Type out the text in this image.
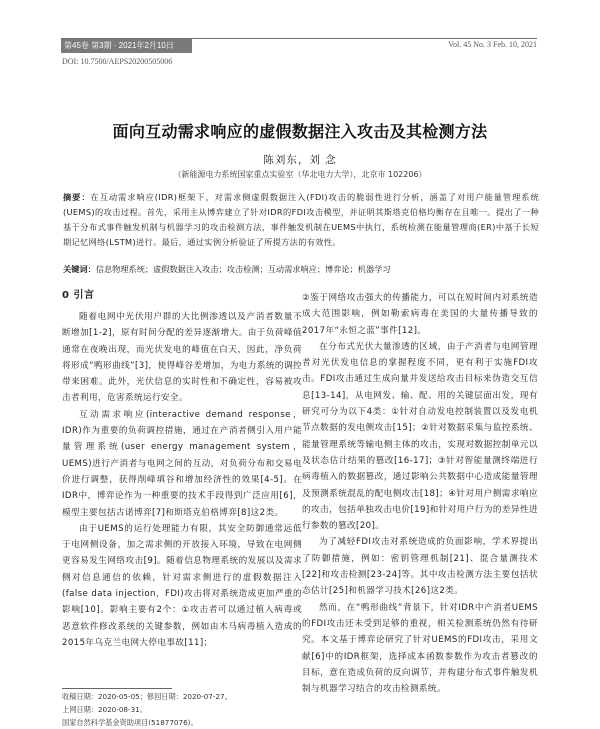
第45卷 第3期 · 2021年2月10日	Vol. 45 No. 3 Feb. 10, 2021
DOI: 10.7500/AEPS20200505006
面向互动需求响应的虚假数据注入攻击及其检测方法
陈刘东，刘 念
（新能源电力系统国家重点实验室（华北电力大学），北京市 102206）
摘要：在互动需求响应(IDR)框架下，对需求侧虚假数据注入(FDI)攻击的脆弱性进行分析，涵盖了对用户能量管理系统(UEMS)的攻击过程。首先，采用主从博弈建立了针对IDR的FDI攻击模型，并证明其斯塔克伯格均衡存在且唯一。提出了一种基于分布式事件触发机制与机器学习的攻击检测方法，事件触发机制在UEMS中执行，系统检测在能量管理商(ER)中基于长短期记忆网络(LSTM)进行。最后，通过实例分析验证了所提方法的有效性。
关键词：信息物理系统；虚假数据注入攻击；攻击检测；互动需求响应；博弈论；机器学习
0 引言

随着电网中光伏用户群的大比例渗透以及产消者数量不断增加[1-2]，原有时间分配的差异逐渐增大。由于负荷峰值通常在夜晚出现，而光伏发电的峰值在白天，因此，净负荷将形成“鸭形曲线”[3]，使得峰谷差增加，为电力系统的调控带来困难。此外，光伏信息的实时性和不确定性，容易被攻击者利用，危害系统运行安全。

互动需求响应(interactive demand response，IDR)作为重要的负荷调控措施，通过在产消者侧引入用户能量管理系统(user energy management system，UEMS)进行产消者与电网之间的互动，对负荷分布和交易电价进行调整，获得削峰填谷和增加经济性的效果[4-5]。在IDR中，博弈论作为一种重要的技术手段得到广泛应用[6]，模型主要包括古诺博弈[7]和斯塔克伯格博弈[8]这2类。

由于UEMS的运行处理能力有限，其安全防御通常远低于电网侧设备，加之需求侧的开放接入环境，导致在电网侧更容易发生网络攻击[9]。随着信息物理系统的发展以及需求侧对信息通信的依赖，针对需求侧进行的虚假数据注入(false data injection，FDI)攻击将对系统造成更加严重的影响[10]。影响主要有2个：①攻击者可以通过植入病毒或恶意软件修改系统的关键参数，例如由木马病毒植入造成的2015年乌克兰电网大停电事故[11]；

②鉴于网络攻击强大的传播能力，可以在短时间内对系统造成大范围影响，例如勒索病毒在美国的大量传播导致的2017年“永恒之蓝”事件[12]。

在分布式光伏大量渗透的区域，由于产消者与电网管理者对光伏发电信息的掌握程度不同，更有利于实施FDI攻击。FDI攻击通过生成向量并发送给攻击目标来伪造交互信息[13-14]，从电网发、输、配、用的关键层面出发，现有研究可分为以下4类：①针对自动发电控制装置以及发电机节点数据的发电侧攻击[15]；②针对数据采集与监控系统、能量管理系统等输电侧主体的攻击，实现对数据控制单元以及状态估计结果的篡改[16-17]；③针对智能量测终端进行病毒植入的数据篡改，通过影响公共数据中心造成能量管理及预测系统混乱的配电侧攻击[18]；④针对用户侧需求响应的攻击，包括单独攻击电价[19]和针对用户行为的差异性进行参数的篡改[20]。

为了减轻FDI攻击对系统造成的负面影响，学术界提出了防御措施，例如：密钥管理机制[21]、混合量测技术[22]和攻击检测[23-24]等。其中攻击检测方法主要包括状态估计[25]和机器学习技术[26]这2类。

然而，在“鸭形曲线”背景下，针对IDR中产消者UEMS的FDI攻击还未受到足够的重视，相关检测系统仍然有待研究。本文基于博弈论研究了针对UEMS的FDI攻击，采用文献[6]中的IDR框架，选择成本函数参数作为攻击者篡改的目标，意在造成负荷的反向调节，并构建分布式事件触发机制与机器学习结合的攻击检测系统。

收稿日期：2020-05-05；修回日期：2020-07-27。
上网日期：2020-08-31。
国家自然科学基金资助项目(51877076)。
